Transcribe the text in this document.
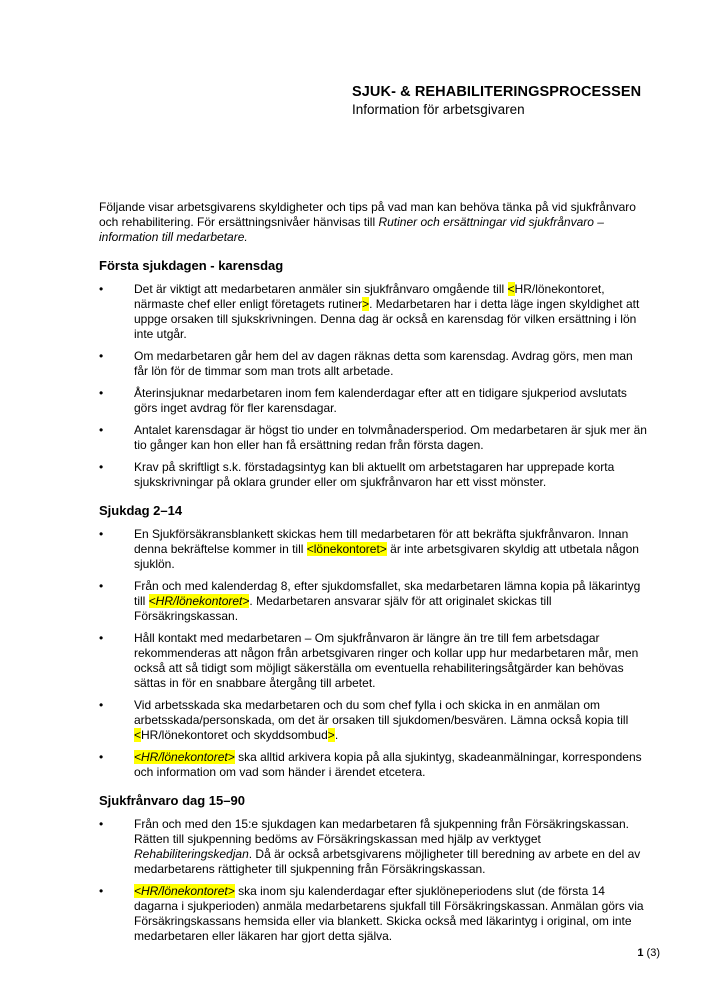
SJUK- & REHABILITERINGSPROCESSEN
Information för arbetsgivaren

Följande visar arbetsgivarens skyldigheter och tips på vad man kan behöva tänka på vid sjukfrånvaro och rehabilitering. För ersättningsnivåer hänvisas till Rutiner och ersättningar vid sjukfrånvaro – information till medarbetare.

Första sjukdagen - karensdag
•	Det är viktigt att medarbetaren anmäler sin sjukfrånvaro omgående till <HR/lönekontoret, närmaste chef eller enligt företagets rutiner>. Medarbetaren har i detta läge ingen skyldighet att uppge orsaken till sjukskrivningen. Denna dag är också en karensdag för vilken ersättning i lön inte utgår.
•	Om medarbetaren går hem del av dagen räknas detta som karensdag. Avdrag görs, men man får lön för de timmar som man trots allt arbetade.
•	Återinsjuknar medarbetaren inom fem kalenderdagar efter att en tidigare sjukperiod avslutats görs inget avdrag för fler karensdagar.
•	Antalet karensdagar är högst tio under en tolvmånadersperiod. Om medarbetaren är sjuk mer än tio gånger kan hon eller han få ersättning redan från första dagen.
•	Krav på skriftligt s.k. förstadagsintyg kan bli aktuellt om arbetstagaren har upprepade korta sjukskrivningar på oklara grunder eller om sjukfrånvaron har ett visst mönster.
Sjukdag 2–14
•	En Sjukförsäkransblankett skickas hem till medarbetaren för att bekräfta sjukfrånvaron. Innan denna bekräftelse kommer in till <lönekontoret> är inte arbetsgivaren skyldig att utbetala någon sjuklön.
•	Från och med kalenderdag 8, efter sjukdomsfallet, ska medarbetaren lämna kopia på läkarintyg till <HR/lönekontoret>. Medarbetaren ansvarar själv för att originalet skickas till Försäkringskassan.
•	Håll kontakt med medarbetaren – Om sjukfrånvaron är längre än tre till fem arbetsdagar rekommenderas att någon från arbetsgivaren ringer och kollar upp hur medarbetaren mår, men också att så tidigt som möjligt säkerställa om eventuella rehabiliteringsåtgärder kan behövas sättas in för en snabbare återgång till arbetet.
•	Vid arbetsskada ska medarbetaren och du som chef fylla i och skicka in en anmälan om arbetsskada/personskada, om det är orsaken till sjukdomen/besvären. Lämna också kopia till <HR/lönekontoret och skyddsombud>.
•	<HR/lönekontoret> ska alltid arkivera kopia på alla sjukintyg, skadeanmälningar, korrespondens och information om vad som händer i ärendet etcetera.
Sjukfrånvaro dag 15–90
•	Från och med den 15:e sjukdagen kan medarbetaren få sjukpenning från Försäkringskassan. Rätten till sjukpenning bedöms av Försäkringskassan med hjälp av verktyget Rehabiliteringskedjan. Då är också arbetsgivarens möjligheter till beredning av arbete en del av medarbetarens rättigheter till sjukpenning från Försäkringskassan.
•	<HR/lönekontoret> ska inom sju kalenderdagar efter sjuklöneperiodens slut (de första 14 dagarna i sjukperioden) anmäla medarbetarens sjukfall till Försäkringskassan. Anmälan görs via Försäkringskassans hemsida eller via blankett. Skicka också med läkarintyg i original, om inte medarbetaren eller läkaren har gjort detta själva.
1 (3)
